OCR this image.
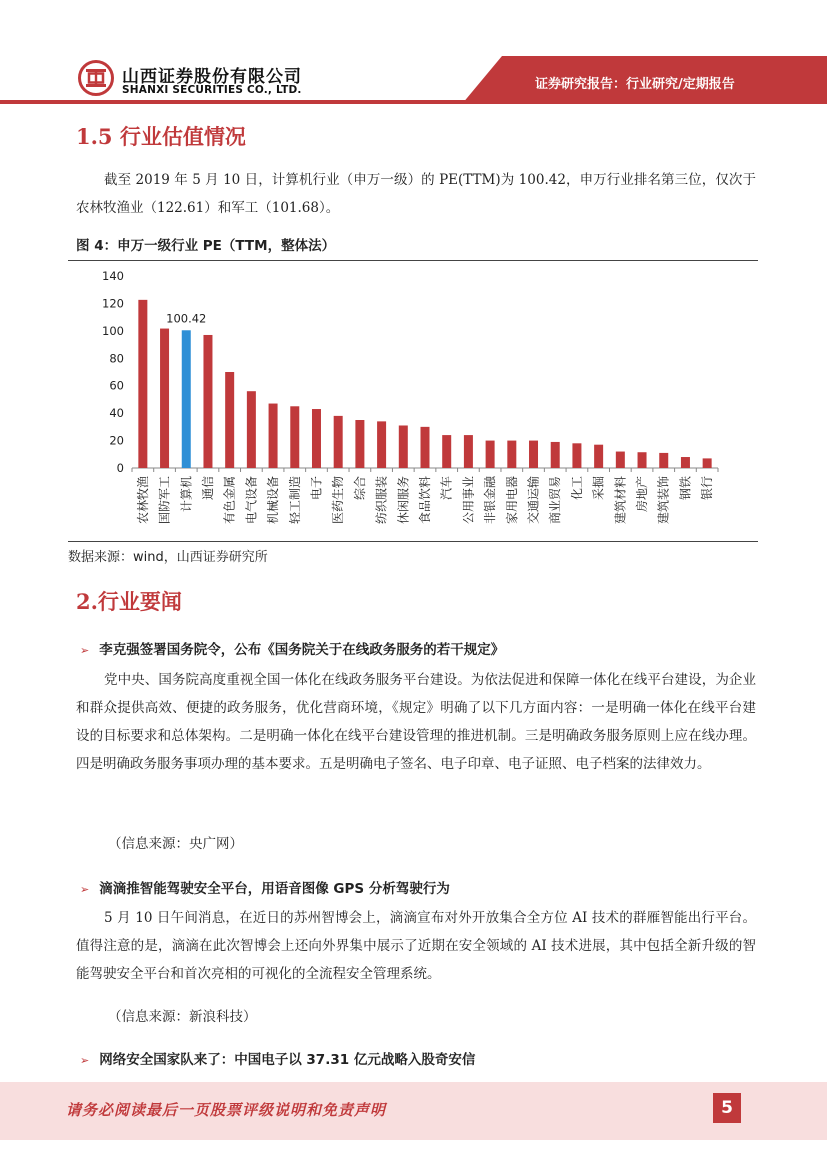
山西证券股份有限公司
SHANXI SECURITIES CO., LTD.	证券研究报告：行业研究/定期报告
1.5 行业估值情况

截至 2019 年 5 月 10 日，计算机行业（申万一级）的 PE(TTM)为 100.42，申万行业排名第三位，仅次于农林牧渔业（122.61）和军工（101.68）。

图 4：申万一级行业 PE（TTM，整体法）
0
20
40
60
80
100
120
140
农林牧渔 国防军工 计算机 通信 有色金属 电气设备 机械设备 轻工制造 电子 医药生物 综合 纺织服装 休闲服务 食品饮料 汽车 公用事业 非银金融 家用电器 交通运输 商业贸易 化工 采掘 建筑材料 房地产 建筑装饰 钢铁 银行
100.42
数据来源：wind，山西证券研究所
2.行业要闻
➢ 李克强签署国务院令，公布《国务院关于在线政务服务的若干规定》

党中央、国务院高度重视全国一体化在线政务服务平台建设。为依法促进和保障一体化在线平台建设，为企业和群众提供高效、便捷的政务服务，优化营商环境，《规定》明确了以下几方面内容：一是明确一体化在线平台建设的目标要求和总体架构。二是明确一体化在线平台建设管理的推进机制。三是明确政务服务原则上应在线办理。四是明确政务服务事项办理的基本要求。五是明确电子签名、电子印章、电子证照、电子档案的法律效力。

（信息来源：央广网）
➢ 滴滴推智能驾驶安全平台，用语音图像 GPS 分析驾驶行为

5 月 10 日午间消息，在近日的苏州智博会上，滴滴宣布对外开放集合全方位 AI 技术的群雁智能出行平台。值得注意的是，滴滴在此次智博会上还向外界集中展示了近期在安全领域的 AI 技术进展，其中包括全新升级的智能驾驶安全平台和首次亮相的可视化的全流程安全管理系统。

（信息来源：新浪科技）
➢ 网络安全国家队来了：中国电子以 37.31 亿元战略入股奇安信
请务必阅读最后一页股票评级说明和免责声明	5
